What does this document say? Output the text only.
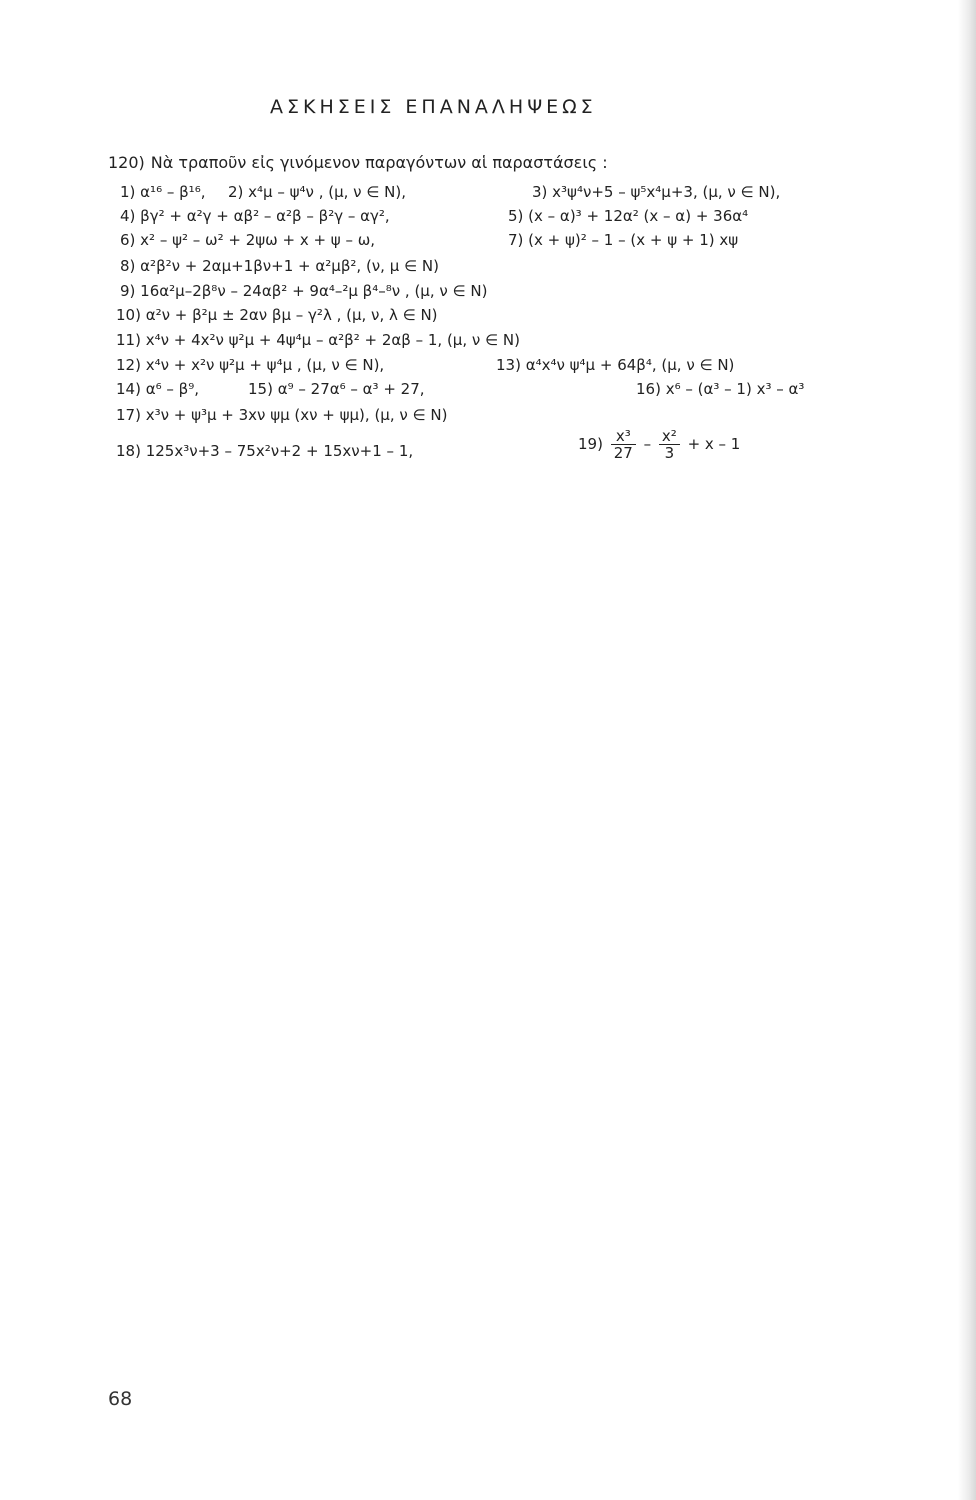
ΑΣΚΗΣΕΙΣ ΕΠΑΝΑΛΗΨΕΩΣ
120) Νὰ τραποῦν εἰς γινόμενον παραγόντων αἱ παραστάσεις :
1) α¹⁶ – β¹⁶, 2) x⁴μ – ψ⁴ν , (μ, ν ∈ N),	3) x³ψ⁴ν+5 – ψ⁵x⁴μ+3, (μ, ν ∈ N),
4) βγ² + α²γ + αβ² – α²β – β²γ – αγ²,	5) (x – α)³ + 12α² (x – α) + 36α⁴
6) x² – ψ² – ω² + 2ψω + x + ψ – ω,	7) (x + ψ)² – 1 – (x + ψ + 1) xψ
8) α²β²ν + 2αμ+1βν+1 + α²μβ², (ν, μ ∈ N)
9) 16α²μ–2β⁸ν – 24αβ² + 9α⁴–²μ β⁴–⁸ν , (μ, ν ∈ N)
10) α²ν + β²μ ± 2αν βμ – γ²λ , (μ, ν, λ ∈ N)
11) x⁴ν + 4x²ν ψ²μ + 4ψ⁴μ – α²β² + 2αβ – 1, (μ, ν ∈ N)
12) x⁴ν + x²ν ψ²μ + ψ⁴μ , (μ, ν ∈ N),	13) α⁴x⁴ν ψ⁴μ + 64β⁴, (μ, ν ∈ N)
14) α⁶ – β⁹,	15) α⁹ – 27α⁶ – α³ + 27,	16) x⁶ – (α³ – 1) x³ – α³
17) x³ν + ψ³μ + 3xν ψμ (xν + ψμ), (μ, ν ∈ N)
18) 125x³ν+3 – 75x²ν+2 + 15xν+1 – 1,	$19) \frac{\text{x³}}{27} - \frac{\text{x²}}{3} + x - 1$
68
